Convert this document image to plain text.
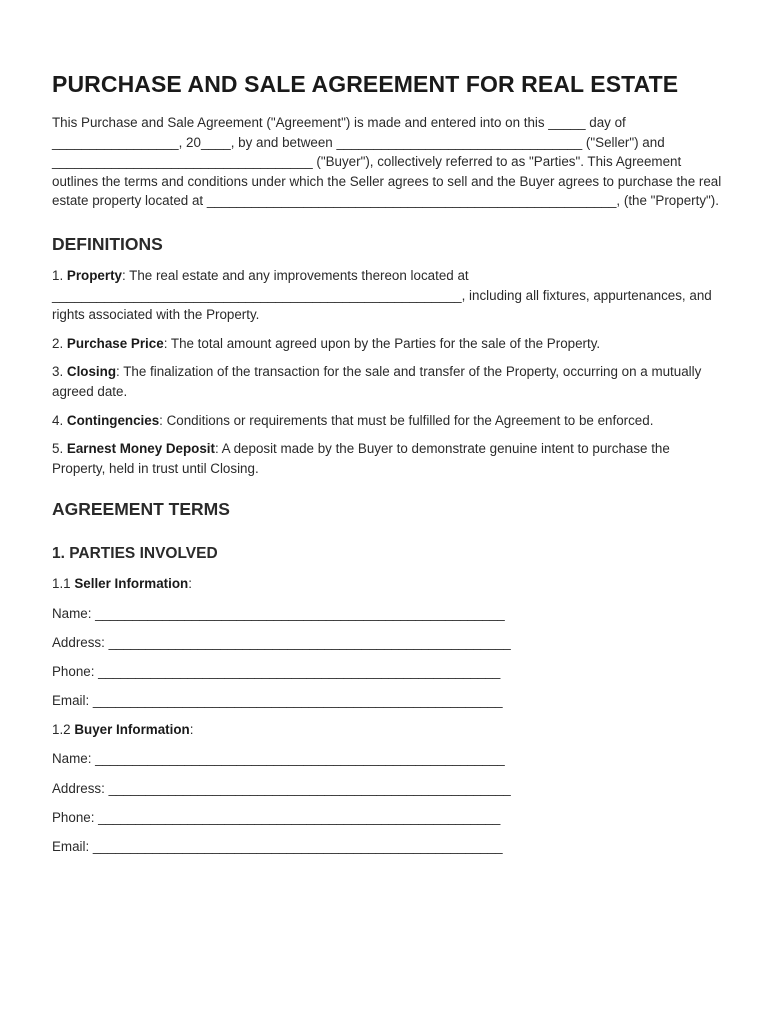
PURCHASE AND SALE AGREEMENT FOR REAL ESTATE

This Purchase and Sale Agreement ("Agreement") is made and entered into on this _____ day of _________________, 20____, by and between _________________________________ ("Seller") and ___________________________________ ("Buyer"), collectively referred to as "Parties". This Agreement outlines the terms and conditions under which the Seller agrees to sell and the Buyer agrees to purchase the real estate property located at _______________________________________________________, (the "Property").

DEFINITIONS

1. Property: The real estate and any improvements thereon located at _______________________________________________________, including all fixtures, appurtenances, and rights associated with the Property.

2. Purchase Price: The total amount agreed upon by the Parties for the sale of the Property.

3. Closing: The finalization of the transaction for the sale and transfer of the Property, occurring on a mutually agreed date.

4. Contingencies: Conditions or requirements that must be fulfilled for the Agreement to be enforced.

5. Earnest Money Deposit: A deposit made by the Buyer to demonstrate genuine intent to purchase the Property, held in trust until Closing.

AGREEMENT TERMS
1. PARTIES INVOLVED

1.1 Seller Information:

Name: _______________________________________________________

Address: ______________________________________________________

Phone: ______________________________________________________

Email: _______________________________________________________

1.2 Buyer Information:

Name: _______________________________________________________

Address: ______________________________________________________

Phone: ______________________________________________________

Email: _______________________________________________________
